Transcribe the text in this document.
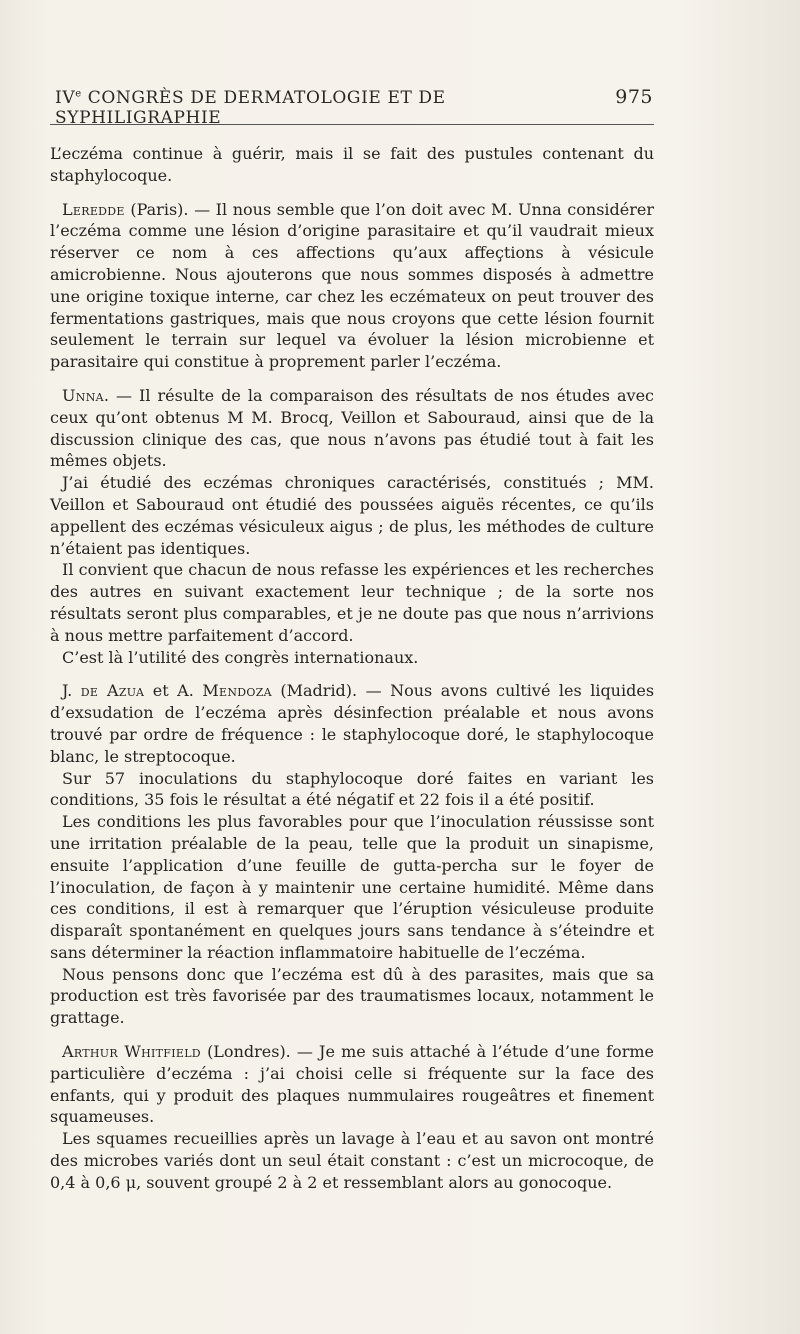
IVe CONGRÈS DE DERMATOLOGIE ET DE SYPHILIGRAPHIE
975

L’eczéma continue à guérir, mais il se fait des pustules contenant du staphylocoque.

Leredde (Paris). — Il nous semble que l’on doit avec M. Unna considérer l’eczéma comme une lésion d’origine parasitaire et qu’il vaudrait mieux réserver ce nom à ces affections qu’aux affeçtions à vésicule amicrobienne. Nous ajouterons que nous sommes disposés à admettre une origine toxique interne, car chez les eczémateux on peut trouver des fermentations gastriques, mais que nous croyons que cette lésion fournit seulement le terrain sur lequel va évoluer la lésion microbienne et parasitaire qui constitue à proprement parler l’eczéma.

Unna. — Il résulte de la comparaison des résultats de nos études avec ceux qu’ont obtenus M M. Brocq, Veillon et Sabouraud, ainsi que de la discussion clinique des cas, que nous n’avons pas étudié tout à fait les mêmes objets.

J’ai étudié des eczémas chroniques caractérisés, constitués ; MM. Veillon et Sabouraud ont étudié des poussées aiguës récentes, ce qu’ils appellent des eczémas vésiculeux aigus ; de plus, les méthodes de culture n’étaient pas identiques.

Il convient que chacun de nous refasse les expériences et les recherches des autres en suivant exactement leur technique ; de la sorte nos résultats seront plus comparables, et je ne doute pas que nous n’arrivions à nous mettre parfaitement d’accord.

C’est là l’utilité des congrès internationaux.

J. de Azua et A. Mendoza (Madrid). — Nous avons cultivé les liquides d’exsudation de l’eczéma après désinfection préalable et nous avons trouvé par ordre de fréquence : le staphylocoque doré, le staphylocoque blanc, le streptocoque.

Sur 57 inoculations du staphylocoque doré faites en variant les conditions, 35 fois le résultat a été négatif et 22 fois il a été positif.

Les conditions les plus favorables pour que l’inoculation réussisse sont une irritation préalable de la peau, telle que la produit un sinapisme, ensuite l’application d’une feuille de gutta-percha sur le foyer de l’inoculation, de façon à y maintenir une certaine humidité. Même dans ces conditions, il est à remarquer que l’éruption vésiculeuse produite disparaît spontanément en quelques jours sans tendance à s’éteindre et sans déterminer la réaction inflammatoire habituelle de l’eczéma.

Nous pensons donc que l’eczéma est dû à des parasites, mais que sa production est très favorisée par des traumatismes locaux, notamment le grattage.

Arthur Whitfield (Londres). — Je me suis attaché à l’étude d’une forme particulière d’eczéma : j’ai choisi celle si fréquente sur la face des enfants, qui y produit des plaques nummulaires rougeâtres et finement squameuses.

Les squames recueillies après un lavage à l’eau et au savon ont montré des microbes variés dont un seul était constant : c’est un microcoque, de 0,4 à 0,6 μ, souvent groupé 2 à 2 et ressemblant alors au gonocoque.
